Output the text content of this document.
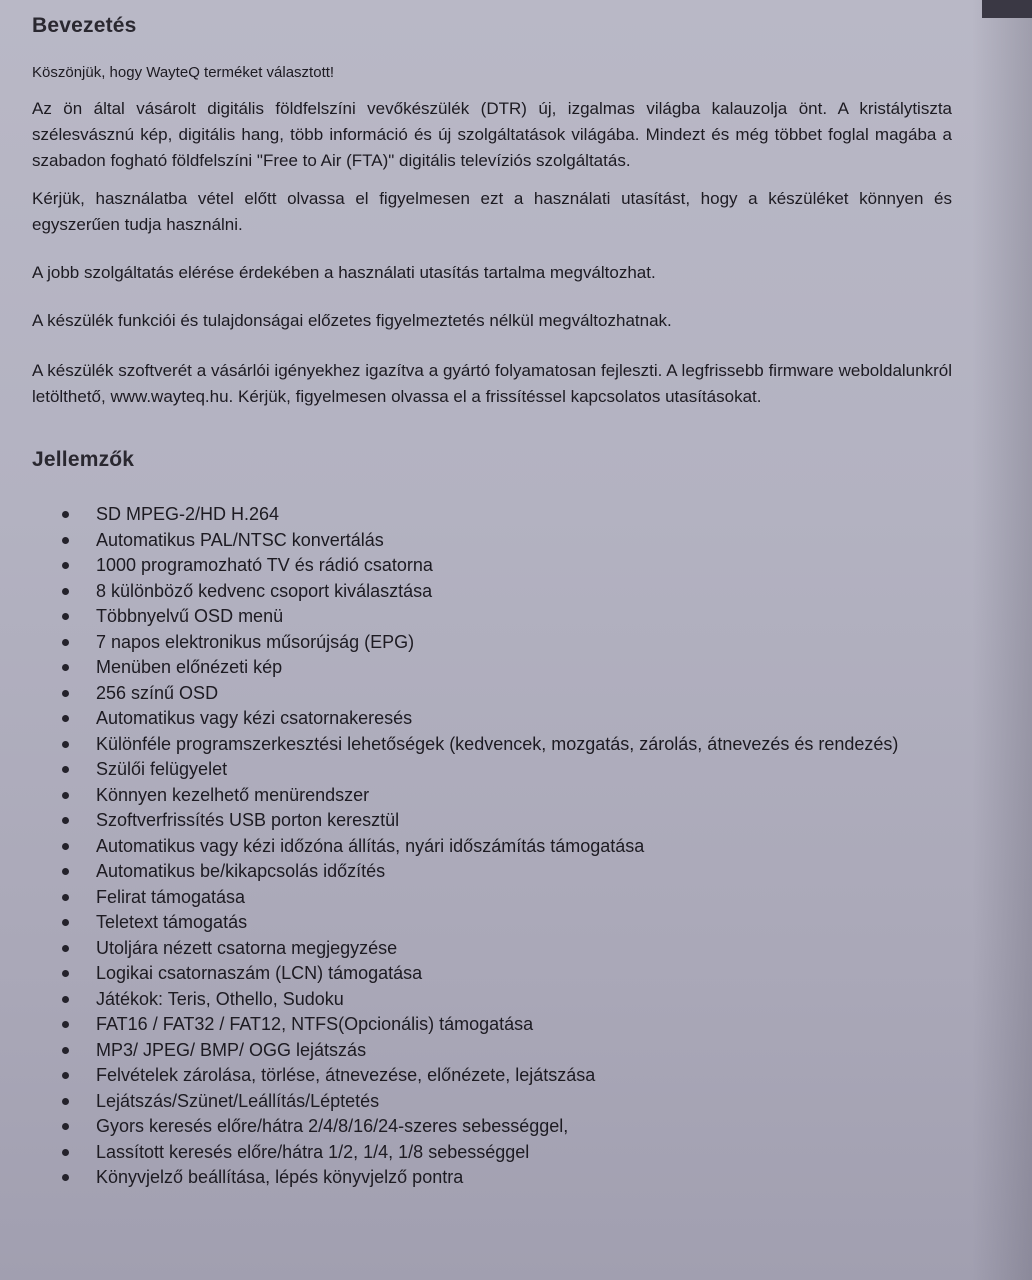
Bevezetés

Köszönjük, hogy WayteQ terméket választott!

Az ön által vásárolt digitális földfelszíni vevőkészülék (DTR) új, izgalmas világba kalauzolja önt. A kristálytiszta szélesvásznú kép, digitális hang, több információ és új szolgáltatások világába. Mindezt és még többet foglal magába a szabadon fogható földfelszíni "Free to Air (FTA)" digitális televíziós szolgáltatás.

Kérjük, használatba vétel előtt olvassa el figyelmesen ezt a használati utasítást, hogy a készüléket könnyen és egyszerűen tudja használni.

A jobb szolgáltatás elérése érdekében a használati utasítás tartalma megváltozhat.

A készülék funkciói és tulajdonságai előzetes figyelmeztetés nélkül megváltozhatnak.

A készülék szoftverét a vásárlói igényekhez igazítva a gyártó folyamatosan fejleszti. A legfrissebb firmware weboldalunkról letölthető, www.wayteq.hu. Kérjük, figyelmesen olvassa el a frissítéssel kapcsolatos utasításokat.

Jellemzők
SD MPEG-2/HD H.264
Automatikus PAL/NTSC konvertálás
1000 programozható TV és rádió csatorna
8 különböző kedvenc csoport kiválasztása
Többnyelvű OSD menü
7 napos elektronikus műsorújság (EPG)
Menüben előnézeti kép
256 színű OSD
Automatikus vagy kézi csatornakeresés
Különféle programszerkesztési lehetőségek (kedvencek, mozgatás, zárolás, átnevezés és rendezés)
Szülői felügyelet
Könnyen kezelhető menürendszer
Szoftverfrissítés USB porton keresztül
Automatikus vagy kézi időzóna állítás, nyári időszámítás támogatása
Automatikus be/kikapcsolás időzítés
Felirat támogatása
Teletext támogatás
Utoljára nézett csatorna megjegyzése
Logikai csatornaszám (LCN) támogatása
Játékok: Teris, Othello, Sudoku
FAT16 / FAT32 / FAT12, NTFS(Opcionális) támogatása
MP3/ JPEG/ BMP/ OGG lejátszás
Felvételek zárolása, törlése, átnevezése, előnézete, lejátszása
Lejátszás/Szünet/Leállítás/Léptetés
Gyors keresés előre/hátra 2/4/8/16/24-szeres sebességgel,
Lassított keresés előre/hátra 1/2, 1/4, 1/8 sebességgel
Könyvjelző beállítása, lépés könyvjelző pontra
